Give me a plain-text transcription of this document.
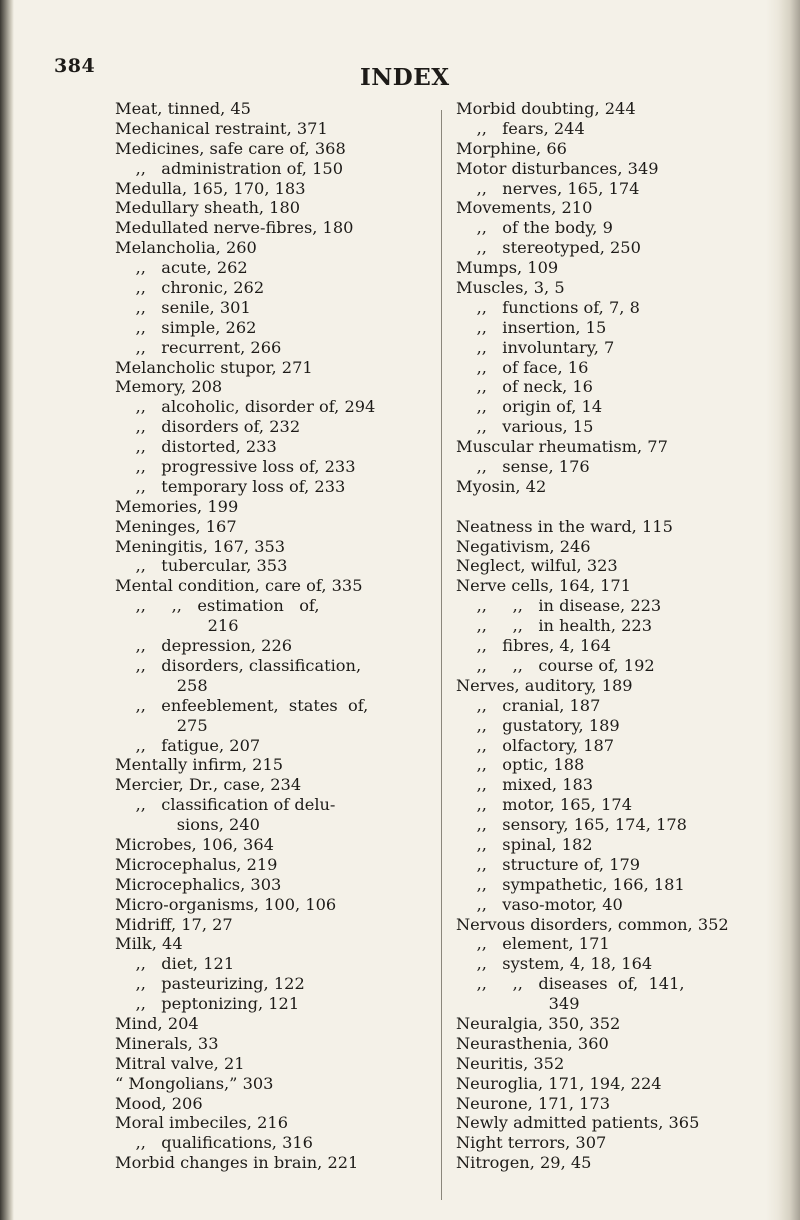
384	INDEX
Meat, tinned, 45
Mechanical restraint, 371
Medicines, safe care of, 368
,,   administration of, 150
Medulla, 165, 170, 183
Medullary sheath, 180
Medullated nerve-fibres, 180
Melancholia, 260
,,   acute, 262
,,   chronic, 262
,,   senile, 301
,,   simple, 262
,,   recurrent, 266
Melancholic stupor, 271
Memory, 208
,,   alcoholic, disorder of, 294
,,   disorders of, 232
,,   distorted, 233
,,   progressive loss of, 233
,,   temporary loss of, 233
Memories, 199
Meninges, 167
Meningitis, 167, 353
,,   tubercular, 353
Mental condition, care of, 335
,,     ,,   estimation   of,
216
,,   depression, 226
,,   disorders, classification,
258
,,   enfeeblement,  states  of,
275
,,   fatigue, 207
Mentally infirm, 215
Mercier, Dr., case, 234
,,   classification of delu-
sions, 240
Microbes, 106, 364
Microcephalus, 219
Microcephalics, 303
Micro-organisms, 100, 106
Midriff, 17, 27
Milk, 44
,,   diet, 121
,,   pasteurizing, 122
,,   peptonizing, 121
Mind, 204
Minerals, 33
Mitral valve, 21
“ Mongolians,” 303
Mood, 206
Moral imbeciles, 216
,,   qualifications, 316
Morbid changes in brain, 221
Morbid doubting, 244
,,   fears, 244
Morphine, 66
Motor disturbances, 349
,,   nerves, 165, 174
Movements, 210
,,   of the body, 9
,,   stereotyped, 250
Mumps, 109
Muscles, 3, 5
,,   functions of, 7, 8
,,   insertion, 15
,,   involuntary, 7
,,   of face, 16
,,   of neck, 16
,,   origin of, 14
,,   various, 15
Muscular rheumatism, 77
,,   sense, 176
Myosin, 42
Neatness in the ward, 115
Negativism, 246
Neglect, wilful, 323
Nerve cells, 164, 171
,,     ,,   in disease, 223
,,     ,,   in health, 223
,,   fibres, 4, 164
,,     ,,   course of, 192
Nerves, auditory, 189
,,   cranial, 187
,,   gustatory, 189
,,   olfactory, 187
,,   optic, 188
,,   mixed, 183
,,   motor, 165, 174
,,   sensory, 165, 174, 178
,,   spinal, 182
,,   structure of, 179
,,   sympathetic, 166, 181
,,   vaso-motor, 40
Nervous disorders, common, 352
,,   element, 171
,,   system, 4, 18, 164
,,     ,,   diseases  of,  141,
349
Neuralgia, 350, 352
Neurasthenia, 360
Neuritis, 352
Neuroglia, 171, 194, 224
Neurone, 171, 173
Newly admitted patients, 365
Night terrors, 307
Nitrogen, 29, 45
